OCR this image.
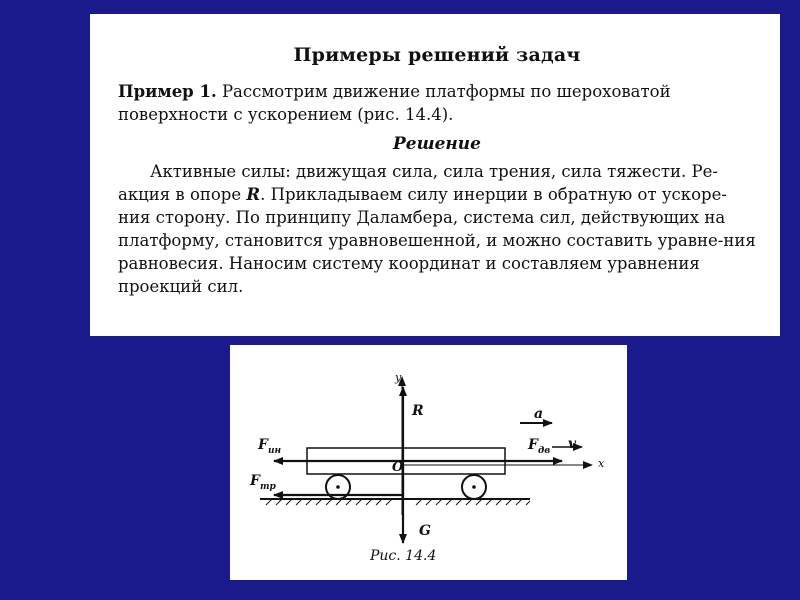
Примеры решений задач

Пример 1. Рассмотрим движение платформы по шероховатой поверхности с ускорением (рис. 14.4).

Решение

Активные силы: движущая сила, сила трения, сила тяжести. Ре-акция в опоре R. Прикладываем силу инерции в обратную от ускоре-ния сторону. По принципу Даламбера, система сил, действующих на платформу, становится уравновешенной, и можно составить уравне-ния равновесия. Наносим систему координат и составляем уравнения проекций сил.

y
x
O
R
G
a
v
$F_{ин}$	$F_{дв}$
$F_{тр}$
Рис. 14.4
